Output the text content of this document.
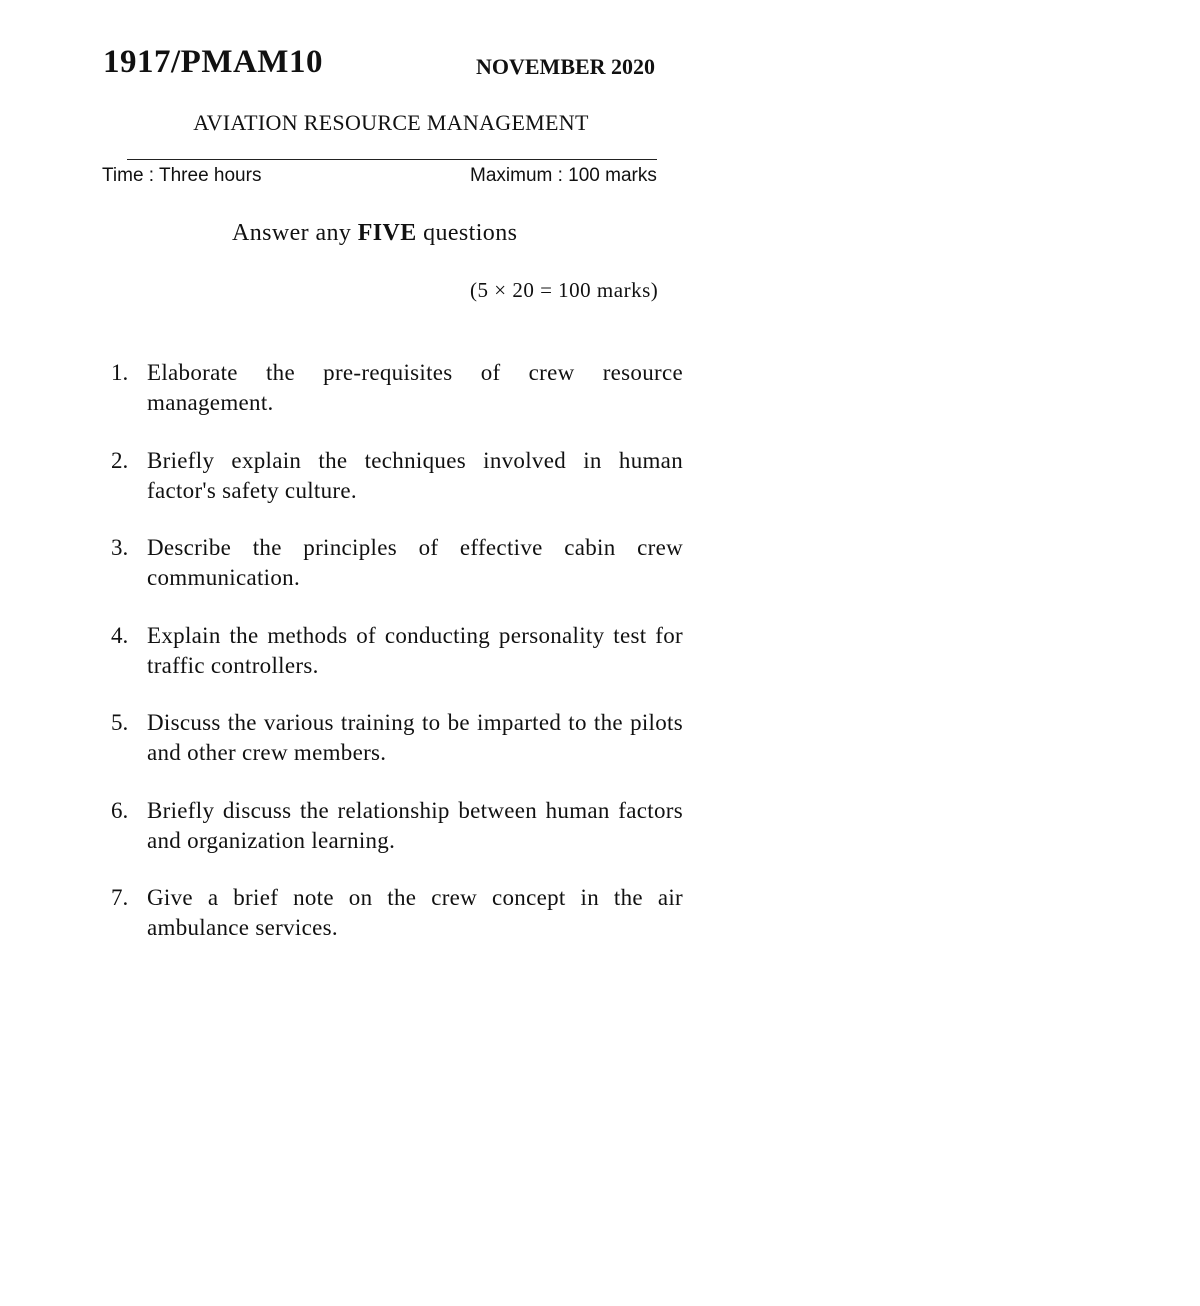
1917/PMAM10	NOVEMBER 2020
AVIATION RESOURCE MANAGEMENT
Time : Three hours	Maximum : 100 marks
Answer any FIVE questions
(5 × 20 = 100 marks)
1. Elaborate the pre-requisites of crew resource management.
2. Briefly explain the techniques involved in human factor's safety culture.
3. Describe the principles of effective cabin crew communication.
4. Explain the methods of conducting personality test for traffic controllers.
5. Discuss the various training to be imparted to the pilots and other crew members.
6. Briefly discuss the relationship between human factors and organization learning.
7. Give a brief note on the crew concept in the air ambulance services.
